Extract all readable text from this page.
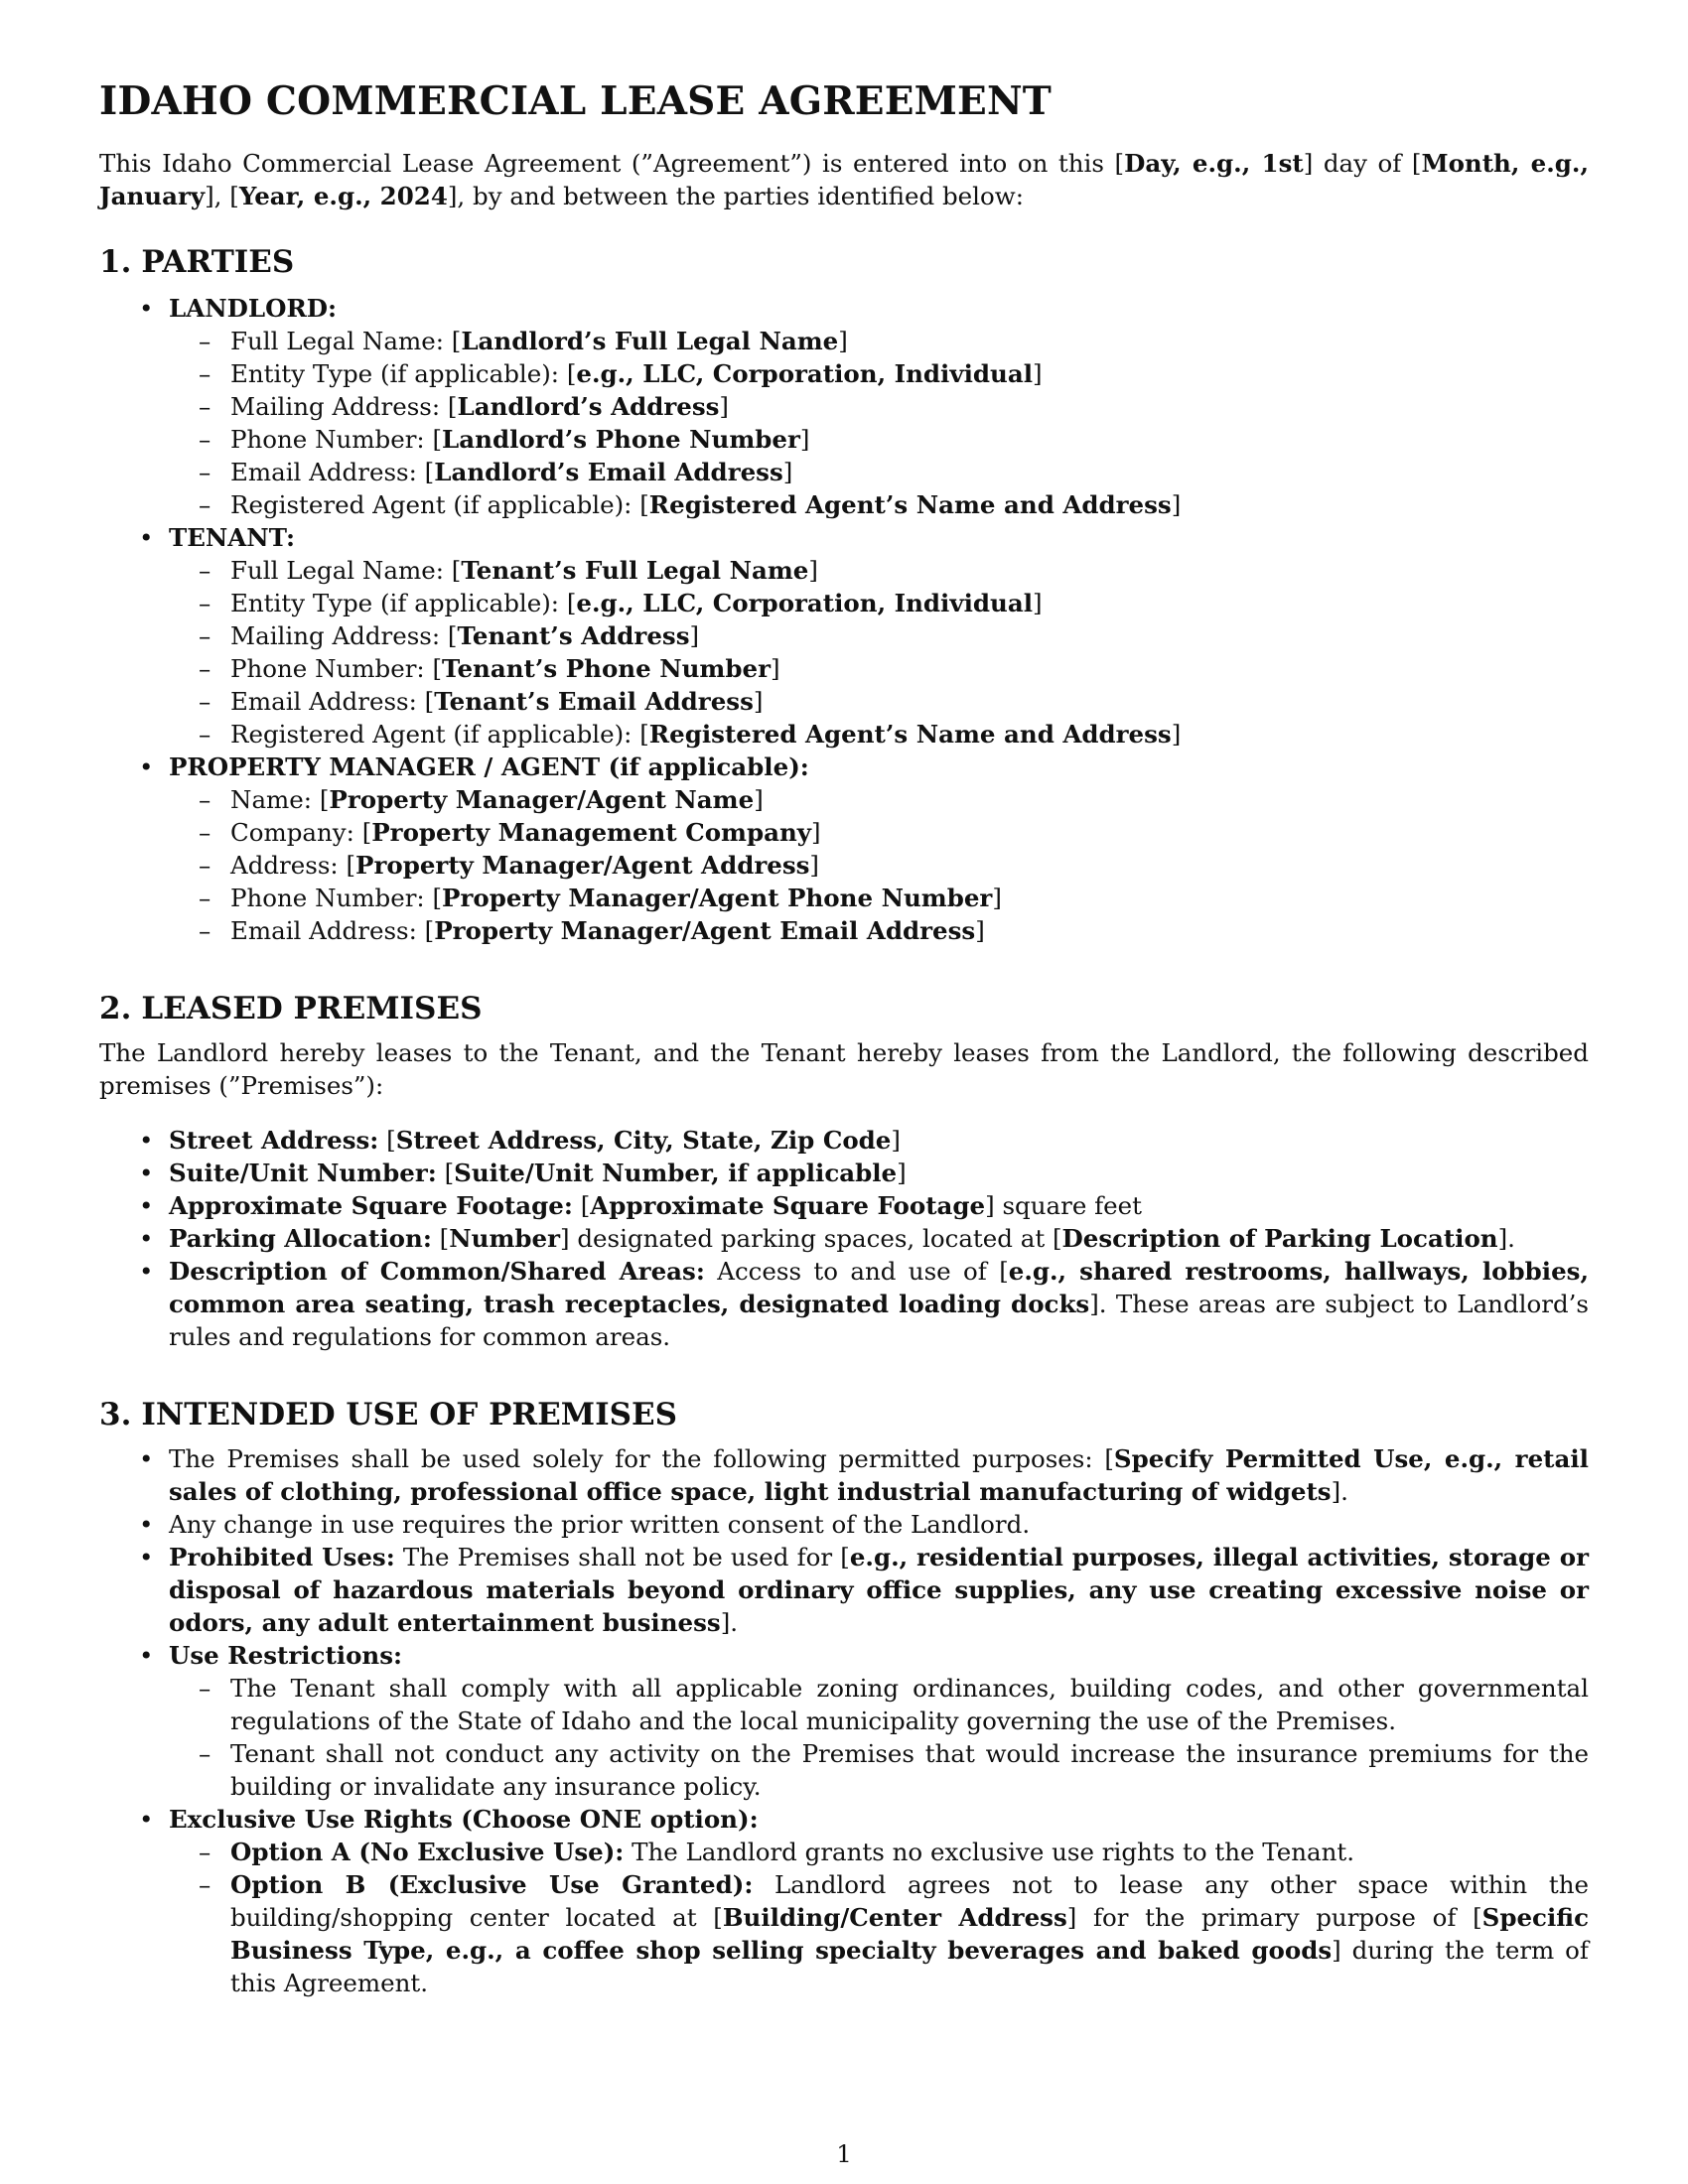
IDAHO COMMERCIAL LEASE AGREEMENT

This Idaho Commercial Lease Agreement (”Agreement”) is entered into on this [Day, e.g., 1st] day of [Month, e.g., January], [Year, e.g., 2024], by and between the parties identified below:

1. PARTIES
• LANDLORD:
– Full Legal Name: [Landlord’s Full Legal Name]
– Entity Type (if applicable): [e.g., LLC, Corporation, Individual]
– Mailing Address: [Landlord’s Address]
– Phone Number: [Landlord’s Phone Number]
– Email Address: [Landlord’s Email Address]
– Registered Agent (if applicable): [Registered Agent’s Name and Address]
• TENANT:
– Full Legal Name: [Tenant’s Full Legal Name]
– Entity Type (if applicable): [e.g., LLC, Corporation, Individual]
– Mailing Address: [Tenant’s Address]
– Phone Number: [Tenant’s Phone Number]
– Email Address: [Tenant’s Email Address]
– Registered Agent (if applicable): [Registered Agent’s Name and Address]
• PROPERTY MANAGER / AGENT (if applicable):
– Name: [Property Manager/Agent Name]
– Company: [Property Management Company]
– Address: [Property Manager/Agent Address]
– Phone Number: [Property Manager/Agent Phone Number]
– Email Address: [Property Manager/Agent Email Address]
2. LEASED PREMISES

The Landlord hereby leases to the Tenant, and the Tenant hereby leases from the Landlord, the following described premises (”Premises”):

• Street Address: [Street Address, City, State, Zip Code]
• Suite/Unit Number: [Suite/Unit Number, if applicable]
• Approximate Square Footage: [Approximate Square Footage] square feet
• Parking Allocation: [Number] designated parking spaces, located at [Description of Parking Location].
• Description of Common/Shared Areas: Access to and use of [e.g., shared restrooms, hallways, lobbies, common area seating, trash receptacles, designated loading docks]. These areas are subject to Landlord’s rules and regulations for common areas.
3. INTENDED USE OF PREMISES
• The Premises shall be used solely for the following permitted purposes: [Specify Permitted Use, e.g., retail sales of clothing, professional office space, light industrial manufacturing of widgets].
• Any change in use requires the prior written consent of the Landlord.
• Prohibited Uses: The Premises shall not be used for [e.g., residential purposes, illegal activities, storage or disposal of hazardous materials beyond ordinary office supplies, any use creating excessive noise or odors, any adult entertainment business].
• Use Restrictions:
– The Tenant shall comply with all applicable zoning ordinances, building codes, and other governmental regulations of the State of Idaho and the local municipality governing the use of the Premises.
– Tenant shall not conduct any activity on the Premises that would increase the insurance premiums for the building or invalidate any insurance policy.
• Exclusive Use Rights (Choose ONE option):
– Option A (No Exclusive Use): The Landlord grants no exclusive use rights to the Tenant.
– Option B (Exclusive Use Granted): Landlord agrees not to lease any other space within the building/shopping center located at [Building/Center Address] for the primary purpose of [Specific Business Type, e.g., a coffee shop selling specialty beverages and baked goods] during the term of this Agreement.
1
